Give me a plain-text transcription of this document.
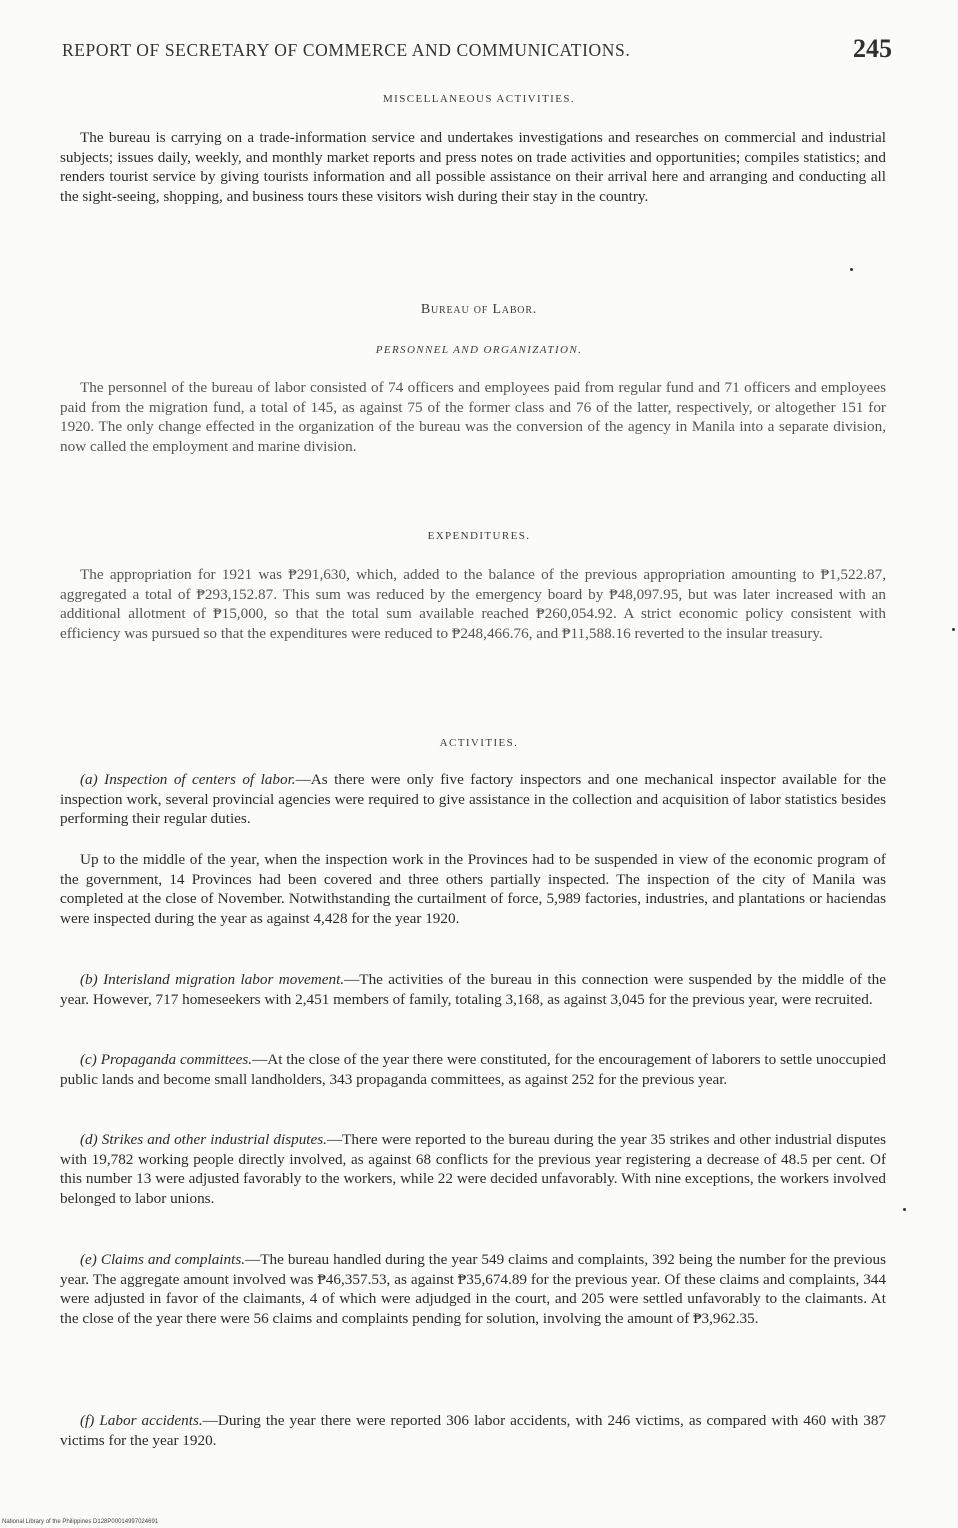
REPORT OF SECRETARY OF COMMERCE AND COMMUNICATIONS.	245
MISCELLANEOUS ACTIVITIES.

The bureau is carrying on a trade-information service and undertakes investigations and researches on commercial and industrial subjects; issues daily, weekly, and monthly market reports and press notes on trade activities and opportunities; compiles statistics; and renders tourist service by giving tourists information and all possible assistance on their arrival here and arranging and conducting all the sight-seeing, shopping, and business tours these visitors wish during their stay in the country.

Bureau of Labor.
PERSONNEL AND ORGANIZATION.

The personnel of the bureau of labor consisted of 74 officers and employees paid from regular fund and 71 officers and employees paid from the migration fund, a total of 145, as against 75 of the former class and 76 of the latter, respectively, or altogether 151 for 1920. The only change effected in the organization of the bureau was the conversion of the agency in Manila into a separate division, now called the employment and marine division.

EXPENDITURES.

The appropriation for 1921 was ₱291,630, which, added to the balance of the previous appropriation amounting to ₱1,522.87, aggregated a total of ₱293,152.87. This sum was reduced by the emergency board by ₱48,097.95, but was later increased with an additional allotment of ₱15,000, so that the total sum available reached ₱260,054.92. A strict economic policy consistent with efficiency was pursued so that the expenditures were reduced to ₱248,466.76, and ₱11,588.16 reverted to the insular treasury.

ACTIVITIES.

(a) Inspection of centers of labor.—As there were only five factory inspectors and one mechanical inspector available for the inspection work, several provincial agencies were required to give assistance in the collection and acquisition of labor statistics besides performing their regular duties.

Up to the middle of the year, when the inspection work in the Provinces had to be suspended in view of the economic program of the government, 14 Provinces had been covered and three others partially inspected. The inspection of the city of Manila was completed at the close of November. Notwithstanding the curtailment of force, 5,989 factories, industries, and plantations or haciendas were inspected during the year as against 4,428 for the year 1920.

(b) Interisland migration labor movement.—The activities of the bureau in this connection were suspended by the middle of the year. However, 717 homeseekers with 2,451 members of family, totaling 3,168, as against 3,045 for the previous year, were recruited.

(c) Propaganda committees.—At the close of the year there were constituted, for the encouragement of laborers to settle unoccupied public lands and become small landholders, 343 propaganda committees, as against 252 for the previous year.

(d) Strikes and other industrial disputes.—There were reported to the bureau during the year 35 strikes and other industrial disputes with 19,782 working people directly involved, as against 68 conflicts for the previous year registering a decrease of 48.5 per cent. Of this number 13 were adjusted favorably to the workers, while 22 were decided unfavorably. With nine exceptions, the workers involved belonged to labor unions.

(e) Claims and complaints.—The bureau handled during the year 549 claims and complaints, 392 being the number for the previous year. The aggregate amount involved was ₱46,357.53, as against ₱35,674.89 for the previous year. Of these claims and complaints, 344 were adjusted in favor of the claimants, 4 of which were adjudged in the court, and 205 were settled unfavorably to the claimants. At the close of the year there were 56 claims and complaints pending for solution, involving the amount of ₱3,962.35.

(f) Labor accidents.—During the year there were reported 306 labor accidents, with 246 victims, as compared with 460 with 387 victims for the year 1920.

National Library of the Philippines D128P00014997024691
